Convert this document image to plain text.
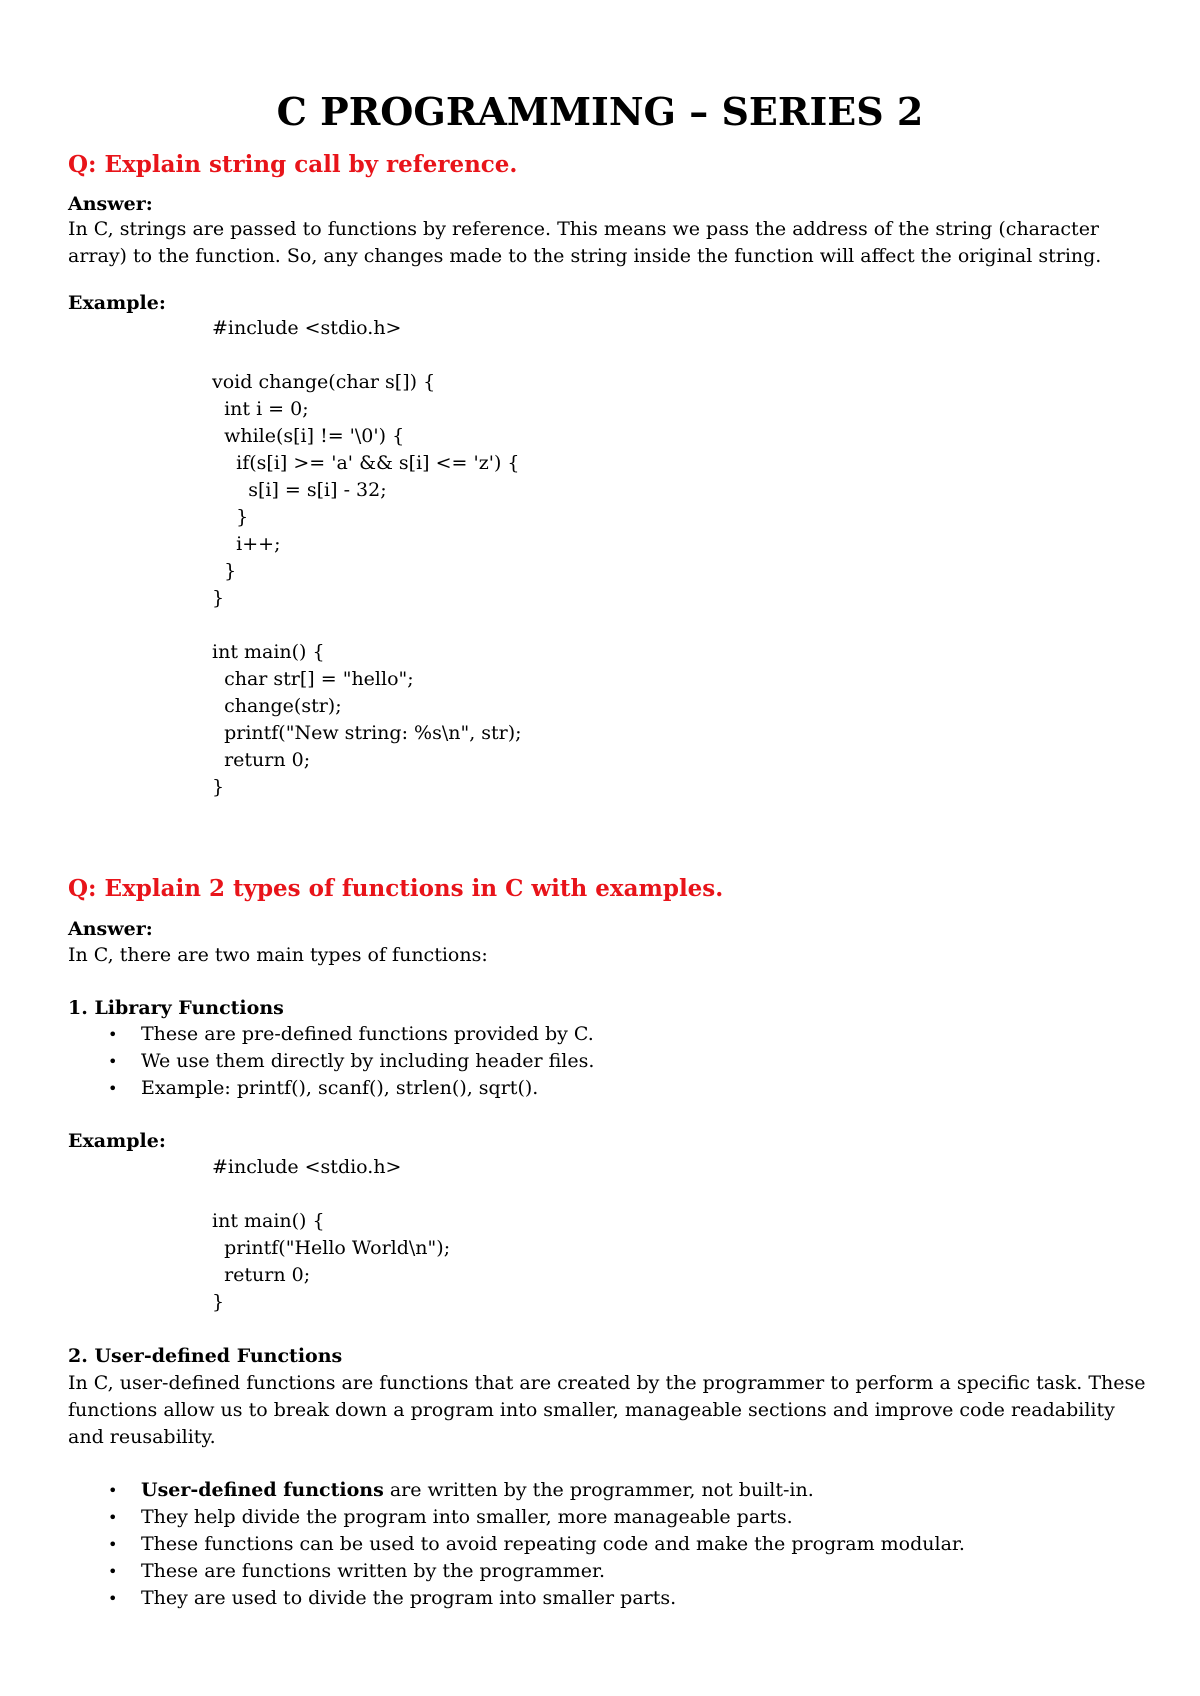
C PROGRAMMING – SERIES 2
Q: Explain string call by reference.
Answer:
In C, strings are passed to functions by reference. This means we pass the address of the string (character
array) to the function. So, any changes made to the string inside the function will affect the original string.
Example:
#include <stdio.h>
void change(char s[]) {
int i = 0;
while(s[i] != '\0') {
if(s[i] >= 'a' && s[i] <= 'z') {
s[i] = s[i] - 32;
}
i++;
}
}
int main() {
char str[] = "hello";
change(str);
printf("New string: %s\n", str);
return 0;
}
Q: Explain 2 types of functions in C with examples.
Answer:
In C, there are two main types of functions:
1. Library Functions
• These are pre-defined functions provided by C.
• We use them directly by including header files.
• Example: printf(), scanf(), strlen(), sqrt().
Example:
#include <stdio.h>
int main() {
printf("Hello World\n");
return 0;
}
2. User-defined Functions
In C, user-defined functions are functions that are created by the programmer to perform a specific task. These
functions allow us to break down a program into smaller, manageable sections and improve code readability
and reusability.
• User-defined functions are written by the programmer, not built-in.
• They help divide the program into smaller, more manageable parts.
• These functions can be used to avoid repeating code and make the program modular.
• These are functions written by the programmer.
• They are used to divide the program into smaller parts.
